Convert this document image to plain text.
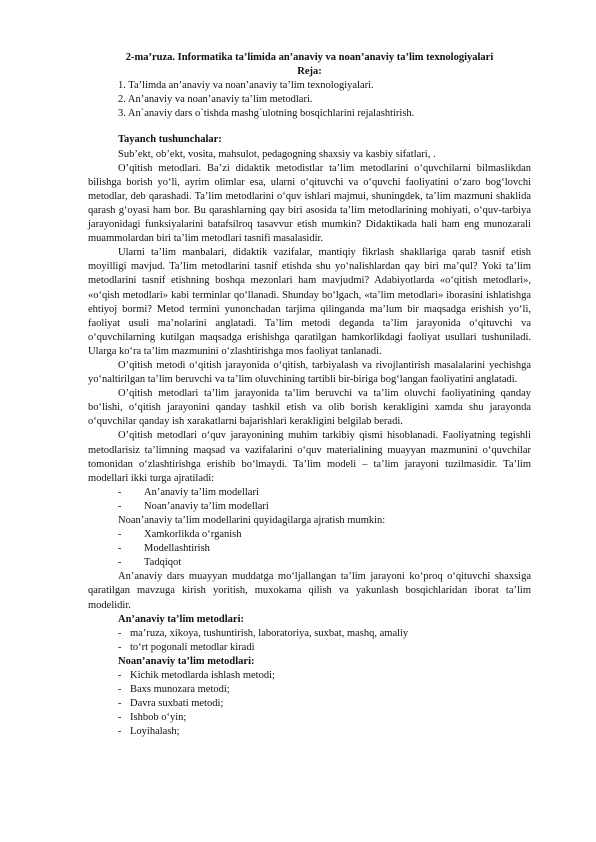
2-ma’ruza. Informatika ta’limida an’anaviy va noan’anaviy ta’lim texnologiyalari

Reja:

1. Ta’limda an’anaviy va noan’anaviy ta’lim texnologiyalari.
2. An’anaviy va noan’anaviy ta’lim metodlari.
3. An`anaviy dars o`tishda mashg`ulotning bosqichlarini rejalashtirish.

Tayanch tushunchalar:

Sub’ekt, ob’ekt, vosita, mahsulot, pedagogning shaxsiy va kasbiy sifatlari, .

O’qitish metodlari. Ba’zi didaktik metodistlar ta’lim metodlarini o‘quvchilarni bilmaslikdan bilishga borish yo‘li, ayrim olimlar esa, ularni o‘qituvchi va o‘quvchi faoliyatini o‘zaro bog‘lovchi metodlar, deb qarashadi. Ta’lim metodlarini o‘quv ishlari majmui, shuningdek, ta’lim mazmuni shaklida qarash g‘oyasi ham bor. Bu qarashlarning qay biri asosida ta’lim metodlarining mohiyati, o‘quv-tarbiya jarayonidagi funksiyalarini batafsilroq tasavvur etish mumkin? Didaktikada hali ham eng munozarali muammolardan biri ta’lim metodlari tasnifi masalasidir.

Ularni ta’lim manbalari, didaktik vazifalar, mantiqiy fikrlash shakllariga qarab tasnif etish moyilligi mavjud. Ta’lim metodlarini tasnif etishda shu yo‘nalishlardan qay biri ma’qul? Yoki ta’lim metodlarini tasnif etishning boshqa mezonlari ham mavjudmi? Adabiyotlarda «o‘qitish metodlari», «o‘qish metodlari» kabi terminlar qo‘llanadi. Shunday bo‘lgach, «ta’lim metodlari» iborasini ishlatishga ehtiyoj bormi? Metod termini yunonchadan tarjima qilinganda ma’lum bir maqsadga erishish yo‘li, faoliyat usuli ma’nolarini anglatadi. Ta’lim metodi deganda ta’lim jarayonida o‘qituvchi va o‘quvchilarning kutilgan maqsadga erishishga qaratilgan hamkorlikdagi faoliyat usullari tushuniladi. Ularga ko‘ra ta’lim mazmunini o‘zlashtirishga mos faoliyat tanlanadi.

O’qitish metodi o‘qitish jarayonida o‘qitish, tarbiyalash va rivojlantirish masalalarini yechishga yo‘naltirilgan ta’lim beruvchi va ta’lim oluvchining tartibli bir-biriga bog‘langan faoliyatini anglatadi.

O’qitish metodlari ta’lim jarayonida ta’lim beruvchi va ta’lim oluvchi faoliyatining qanday bo‘lishi, o‘qitish jarayonini qanday tashkil etish va olib borish kerakligini xamda shu jarayonda o‘quvchilar qanday ish xarakatlarni bajarishlari kerakligini belgilab beradi.

O’qitish metodlari o‘quv jarayonining muhim tarkibiy qismi hisoblanadi. Faoliyatning tegishli metodlarisiz ta’limning maqsad va vazifalarini o‘quv materialining muayyan mazmunini o‘quvchilar tomonidan o‘zlashtirishga erishib bo‘lmaydi. Ta’lim modeli – ta’lim jarayoni tuzilmasidir. Ta’lim modellari ikki turga ajratiladi:

-	An’anaviy ta’lim modellari
-	Noan’anaviy ta’lim modellari

Noan’anaviy ta’lim modellarini quyidagilarga ajratish mumkin:

-	Xamkorlikda o‘rganish
-	Modellashtirish
-	Tadqiqot

An’anaviy dars muayyan muddatga mo‘ljallangan ta’lim jarayoni ko‘proq o‘qituvchi shaxsiga qaratilgan mavzuga kirish yoritish, muxokama qilish va yakunlash bosqichlaridan iborat ta’lim modelidir.

An’anaviy ta’lim metodlari:

- ma’ruza, xikoya, tushuntirish, laboratoriya, suxbat, mashq, amaliy
- to‘rt pogonali metodlar kiradi

Noan’anaviy ta’lim metodlari:

- Kichik metodlarda ishlash metodi;
- Baxs munozara metodi;
- Davra suxbati metodi;
- Ishbob o‘yin;
- Loyihalash;
